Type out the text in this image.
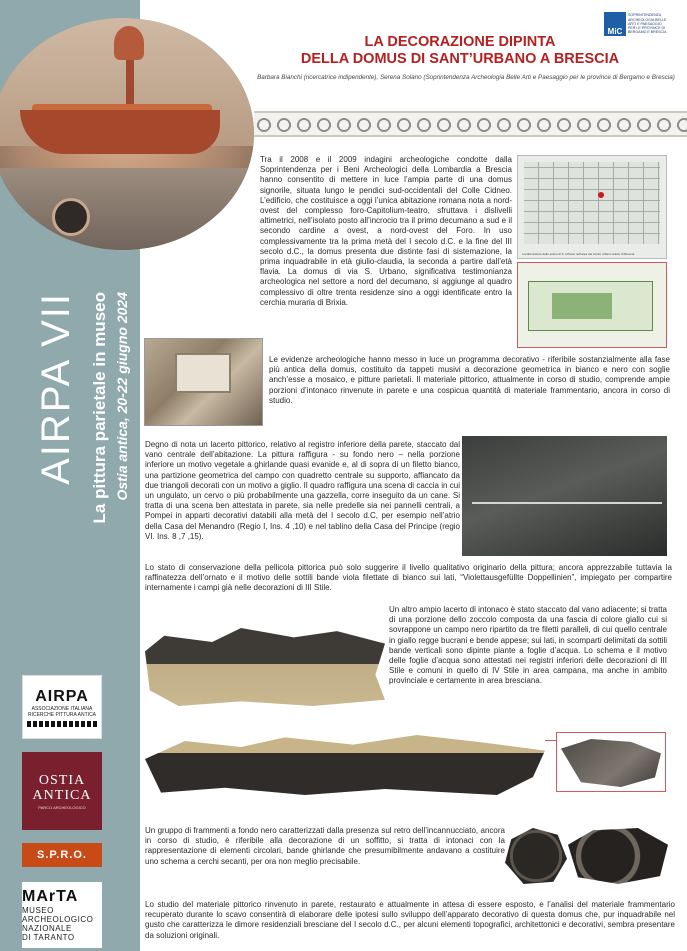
AIRPA VII La pittura parietale in museo Ostia antica, 20-22 giugno 2024
AIRPA
ASSOCIAZIONE ITALIANA
RICERCHE PITTURA ANTICA
OSTIA
ANTICA
PARCO ARCHEOLOGICO
S.P.R.O.
MArTA
MUSEO
ARCHEOLOGICO
NAZIONALE
DI TARANTO
MiC
SOPRINTENDENZA
ARCHEOLOGIA BELLE
ARTI E PAESAGGIO
PER LE PROVINCE DI
BERGAMO E BRESCIA
LA DECORAZIONE DIPINTA
DELLA DOMUS DI SANT’URBANO A BRESCIA
Barbara Bianchi (ricercatrice indipendente), Serena Solano (Soprintendenza Archeologia Belle Arti e Paesaggio per le province di Bergamo e Brescia)
Tra il 2008 e il 2009 indagini archeologiche condotte dalla Soprintendenza per i Beni Archeologici della Lombardia a Brescia hanno consentito di mettere in luce l’ampia parte di una domus signorile, situata lungo le pendici sud-occidentali del Colle Cidneo. L’edificio, che costituisce a oggi l’unica abitazione romana nota a nord-ovest del complesso foro-Capitolium-teatro, sfruttava i dislivelli altimetrici, nell’isolato posto all’incrocio tra il primo decumano a sud e il secondo cardine a ovest, a nord-ovest del Foro. In uso complessivamente tra la prima metà del I secolo d.C. e la fine del III secolo d.C., la domus presenta due distinte fasi di sistemazione, la prima inquadrabile in età giulio-claudia, la seconda a partire dall’età flavia. La domus di via S. Urbano, significativa testimonianza archeologica nel settore a nord del decumano, si aggiunge al quadro complessivo di oltre trenta residenze sino a oggi identificate entro la cerchia muraria di Brixia.
Localizzazione dello scavo di S. Urbano nell’area del centro urbano antico di Brescia
Le evidenze archeologiche hanno messo in luce un programma decorativo - riferibile sostanzialmente alla fase più antica della domus, costituito da tappeti musivi a decorazione geometrica in bianco e nero con soglie anch’esse a mosaico, e pitture parietali. Il materiale pittorico, attualmente in corso di studio, comprende ampie porzioni d’intonaco rinvenute in parete e una cospicua quantità di materiale frammentario, ancora in corso di studio.
Degno di nota un lacerto pittorico, relativo al registro inferiore della parete, staccato dal vano centrale dell’abitazione. La pittura raffigura - su fondo nero – nella porzione inferiore un motivo vegetale a ghirlande quasi evanide e, al di sopra di un filetto bianco, una partizione geometrica del campo con quadretto centrale su supporto, affiancato da due triangoli decorati con un motivo a giglio. Il quadro raffigura una scena di caccia in cui un ungulato, un cervo o più probabilmente una gazzella, corre inseguito da un cane. Si tratta di una scena ben attestata in parete, sia nelle predelle sia nei pannelli centrali, a Pompei in apparti decorativi databili alla metà del I secolo d.C, per esempio nell’atrio della Casa del Menandro (Regio I, Ins. 4 ,10) e nel tablino della Casa del Principe (regio VI. Ins. 8 ,7 ,15).
Lo stato di conservazione della pellicola pittorica può solo suggerire il livello qualitativo originario della pittura; ancora apprezzabile tuttavia la raffinatezza dell’ornato e il motivo delle sottili bande viola filettate di bianco sui lati, “Violettausgefüllte Doppellinien”, impiegato per compartire internamente i campi già nelle decorazioni di III Stile.
Un altro ampio lacerto di intonaco è stato staccato dal vano adiacente; si tratta di una porzione dello zoccolo composta da una fascia di colore giallo cui si sovrappone un campo nero ripartito da tre filetti paralleli, di cui quello centrale in giallo regge bucrani e bende appese; sui lati, in scomparti delimitati da sottili bande verticali sono dipinte piante a foglie d’acqua. Lo schema e il motivo delle foglie d’acqua sono attestati nei registri inferiori delle decorazioni di III Stile e comuni in quello di IV Stile in area campana, ma anche in ambito provinciale e certamente in area bresciana.
Un gruppo di frammenti a fondo nero caratterizzati dalla presenza sul retro dell’incannucciato, ancora in corso di studio, è riferibile alla decorazione di un soffitto, si tratta di intonaci con la rappresentazione di elementi circolari, bande ghirlande che presumibilmente andavano a costituire uno schema a cerchi secanti, per ora non meglio precisabile.
Lo studio del materiale pittorico rinvenuto in parete, restaurato e attualmente in attesa di essere esposto, e l’analisi del materiale frammentario recuperato durante lo scavo consentirà di elaborare delle ipotesi sullo sviluppo dell’apparato decorativo di questa domus che, pur inquadrabile nel gusto che caratterizza le dimore residenziali bresciane del I secolo d.C., per alcuni elementi topografici, architettonici e decorativi, sembra presentare da soluzioni originali.
